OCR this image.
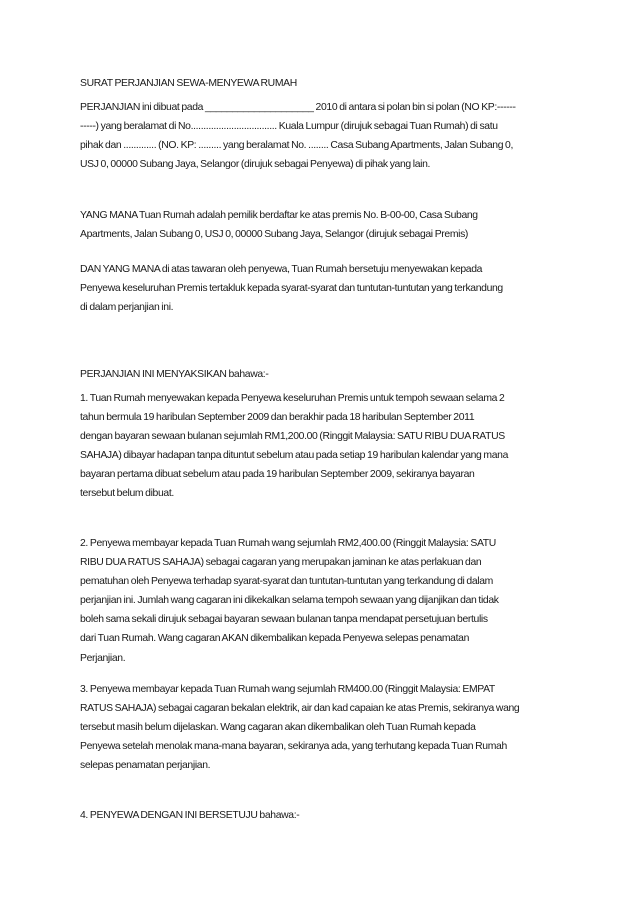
SURAT PERJANJIAN SEWA-MENYEWA RUMAH

PERJANJIAN ini dibuat pada ____________________ 2010 di antara si polan bin si polan (NO KP:------
-----) yang beralamat di No.................................. Kuala Lumpur (dirujuk sebagai Tuan Rumah) di satu
pihak dan ............. (NO. KP: ......... yang beralamat No. ........ Casa Subang Apartments, Jalan Subang 0,
USJ 0, 00000 Subang Jaya, Selangor (dirujuk sebagai Penyewa) di pihak yang lain.

YANG MANA Tuan Rumah adalah pemilik berdaftar ke atas premis No. B-00-00, Casa Subang
Apartments, Jalan Subang 0, USJ 0, 00000 Subang Jaya, Selangor (dirujuk sebagai Premis)

DAN YANG MANA di atas tawaran oleh penyewa, Tuan Rumah bersetuju menyewakan kepada
Penyewa keseluruhan Premis tertakluk kepada syarat-syarat dan tuntutan-tuntutan yang terkandung
di dalam perjanjian ini.

PERJANJIAN INI MENYAKSIKAN bahawa:-

1. Tuan Rumah menyewakan kepada Penyewa keseluruhan Premis untuk tempoh sewaan selama 2
tahun bermula 19 haribulan September 2009 dan berakhir pada 18 haribulan September 2011
dengan bayaran sewaan bulanan sejumlah RM1,200.00 (Ringgit Malaysia: SATU RIBU DUA RATUS
SAHAJA) dibayar hadapan tanpa dituntut sebelum atau pada setiap 19 haribulan kalendar yang mana
bayaran pertama dibuat sebelum atau pada 19 haribulan September 2009, sekiranya bayaran
tersebut belum dibuat.

2. Penyewa membayar kepada Tuan Rumah wang sejumlah RM2,400.00 (Ringgit Malaysia: SATU
RIBU DUA RATUS SAHAJA) sebagai cagaran yang merupakan jaminan ke atas perlakuan dan
pematuhan oleh Penyewa terhadap syarat-syarat dan tuntutan-tuntutan yang terkandung di dalam
perjanjian ini. Jumlah wang cagaran ini dikekalkan selama tempoh sewaan yang dijanjikan dan tidak
boleh sama sekali dirujuk sebagai bayaran sewaan bulanan tanpa mendapat persetujuan bertulis
dari Tuan Rumah. Wang cagaran AKAN dikembalikan kepada Penyewa selepas penamatan
Perjanjian.

3. Penyewa membayar kepada Tuan Rumah wang sejumlah RM400.00 (Ringgit Malaysia: EMPAT
RATUS SAHAJA) sebagai cagaran bekalan elektrik, air dan kad capaian ke atas Premis, sekiranya wang
tersebut masih belum dijelaskan. Wang cagaran akan dikembalikan oleh Tuan Rumah kepada
Penyewa setelah menolak mana-mana bayaran, sekiranya ada, yang terhutang kepada Tuan Rumah
selepas penamatan perjanjian.

4. PENYEWA DENGAN INI BERSETUJU bahawa:-
